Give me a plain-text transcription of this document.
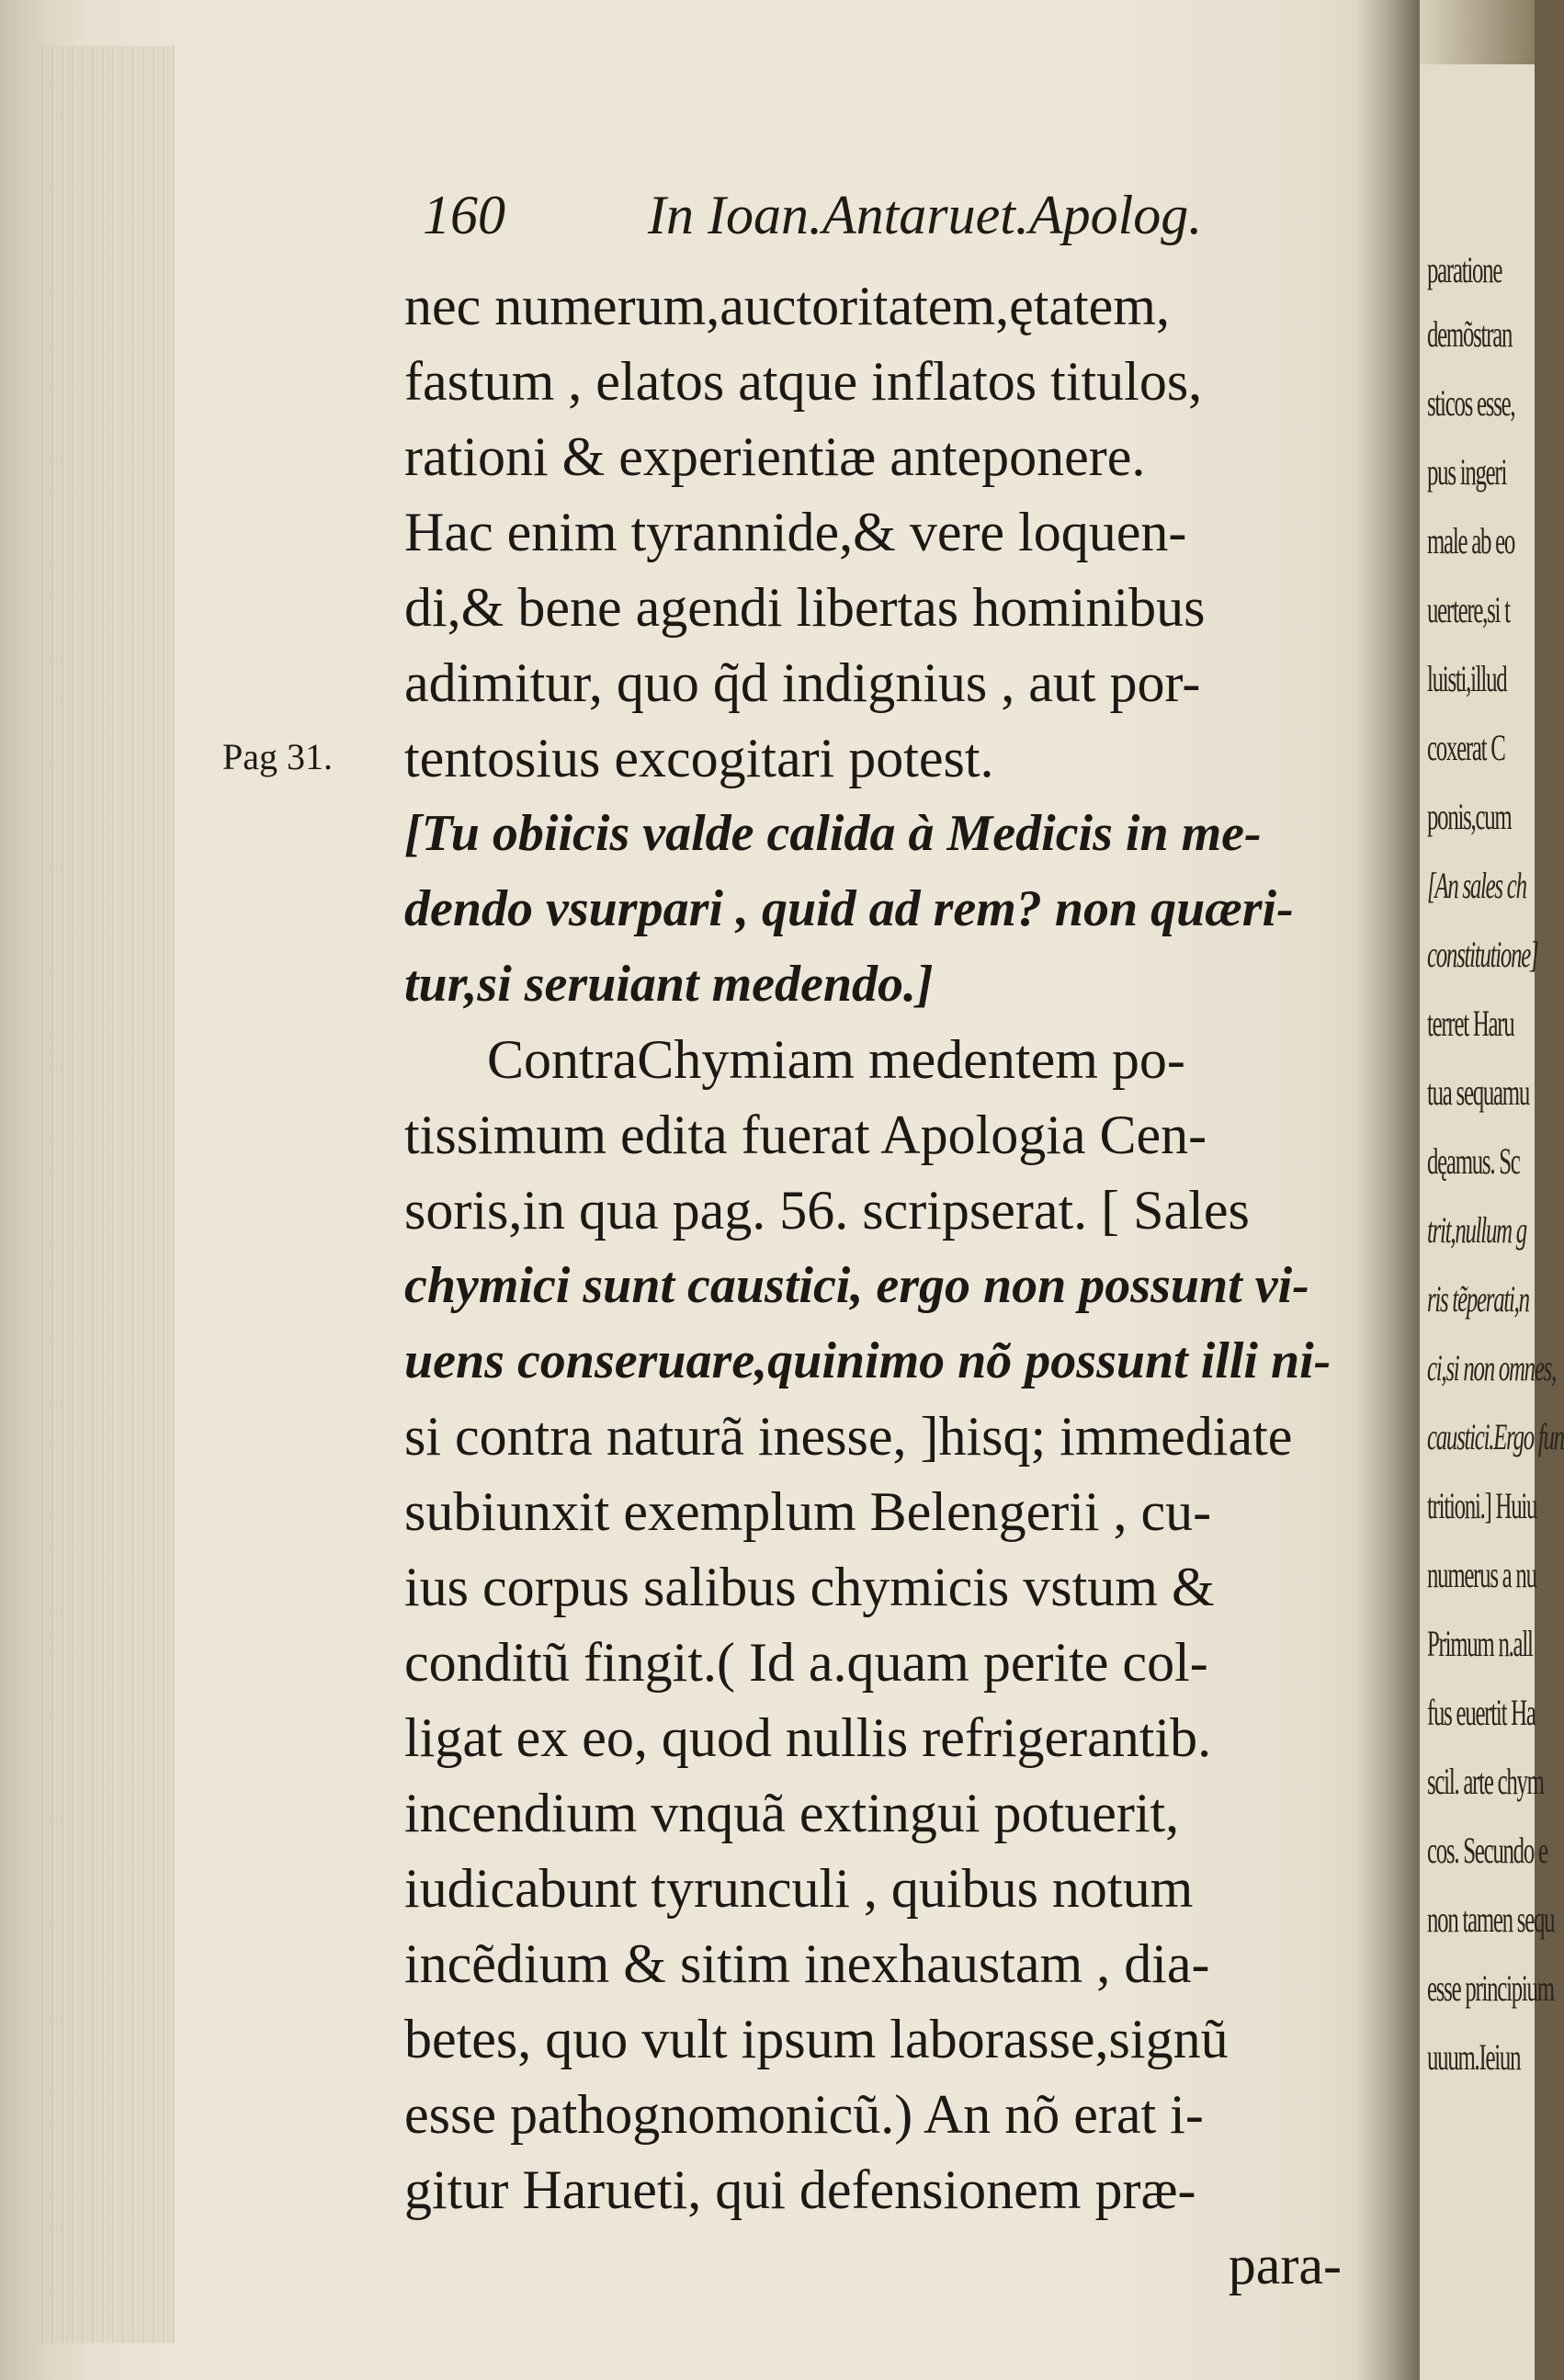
160	In Ioan.Antaruet.Apolog.
Pag 31.
nec numerum,auctoritatem,ętatem,
fastum , elatos atque inflatos titulos,
rationi & experientiæ anteponere.
Hac enim tyrannide,& vere loquen-
di,& bene agendi libertas hominibus
adimitur, quo q̃d indignius , aut por-
tentosius excogitari potest.
[Tu obiicis valde calida à Medicis in me-
dendo vsurpari , quid ad rem? non quæri-
tur,si seruiant medendo.]
ContraChymiam medentem po-
tissimum edita fuerat Apologia Cen-
soris,in qua pag. 56. scripserat. [ Sales
chymici sunt caustici, ergo non possunt vi-
uens conseruare,quinimo nõ possunt illi ni-
si contra naturã inesse, ]hisq; immediate
subiunxit exemplum Belengerii , cu-
ius corpus salibus chymicis vstum &
conditũ fingit.( Id a.quam perite col-
ligat ex eo, quod nullis refrigerantib.
incendium vnquã extingui potuerit,
iudicabunt tyrunculi , quibus notum
incẽdium & sitim inexhaustam , dia-
betes, quo vult ipsum laborasse,signũ
esse pathognomonicũ.) An nõ erat i-
gitur Harueti, qui defensionem præ-
para-
paratione
demõstran
sticos esse,
pus ingeri
male ab eo
uertere,si t
luisti,illud
coxerat C
ponis,cum
[An sales ch
constitutione]
terret Haru
tua sequamu
dęamus. Sc
trit,nullum g
ris tẽperati,n
ci,si non omnes,
caustici.Ergo fun
tritioni.] Huiu
numerus a nu
Primum n.all
fus euertit Ha
scil. arte chym
cos. Secundo e
non tamen sequ
esse principium
uuum.Ieiun
